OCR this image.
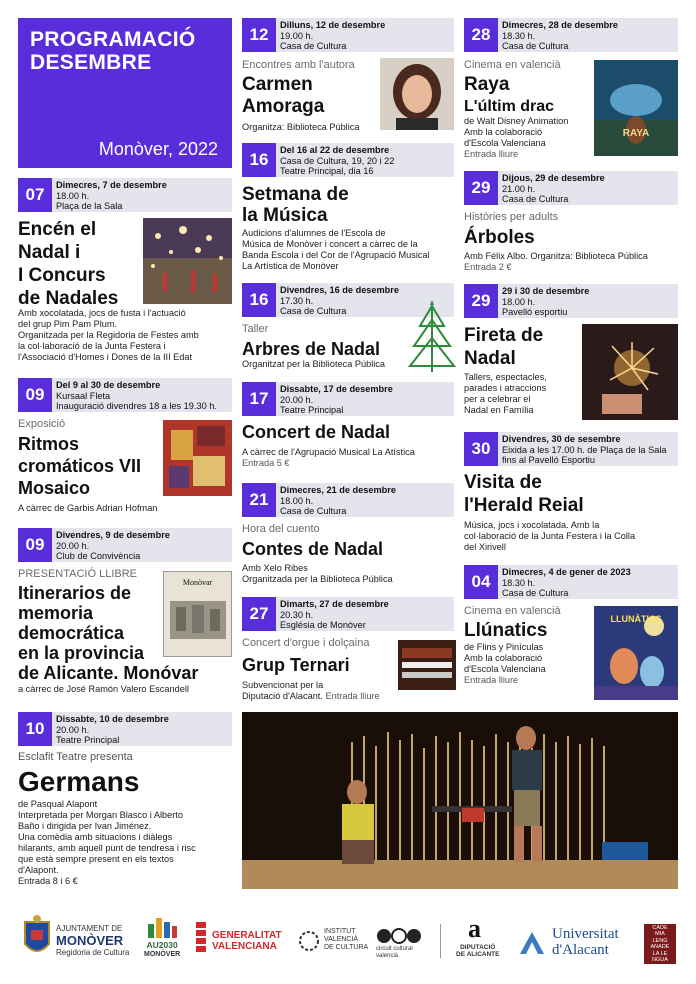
PROGRAMACIÓ
DESEMBRE
Monòver, 2022
07	Dimecres, 7 de desembre
18.00 h.
Plaça de la Sala
Encén el
Nadal i
I Concurs
de Nadales
Amb xocolatada, jocs de fusta i l'actuació
del grup Pim Pam Plum.
Organitzada per la Regidoria de Festes amb
la col·laboració de la Junta Festera i
l'Associació d'Homes i Dones de la III Edat
09	Del 9 al 30 de desembre
Kursaal Fleta
Inauguració divendres 18 a les 19.30 h.
Exposició
Ritmos
cromáticos VII
Mosaico
A càrrec de Garbis Adrian Hofman
09	Divendres, 9 de desembre
20.00 h.
Club de Convivència
PRESENTACIÓ LLIBRE
Itinerarios de
memoria
democrática
en la provincia
de Alicante. Monóvar
Monòvar
a càrrec de José Ramón Valero Escandell
10	Dissabte, 10 de desembre
20.00 h.
Teatre Principal
Esclafit Teatre presenta
Germans
de Pasqual Alapont
Interpretada per Morgan Blasco i Alberto
Baño i dirigida per Ivan Jiménez.
Una comèdia amb situacions i diàlegs
hilarants, amb aquell punt de tendresa i risc
que està sempre present en els textos
d'Alapont.
Entrada 8 i 6 €
12	Dilluns, 12 de desembre
19.00 h.
Casa de Cultura
Encontres amb l'autora
Carmen
Amoraga
Organitza: Biblioteca Pública
16	Del 16 al 22 de desembre
Casa de Cultura, 19, 20 i 22
Teatre Principal, dia 16
Setmana de
la Música
Audicions d'alumnes de l'Escola de
Música de Monòver i concert a càrrec de la
Banda Escola i del Cor de l'Agrupació Musical
La Artística de Monòver
16	Divendres, 16 de desembre
17.30 h.
Casa de Cultura
Taller
Arbres de Nadal
Organitzat per la Biblioteca Pública
17	Dissabte, 17 de desembre
20.00 h.
Teatre Principal
Concert de Nadal
A càrrec de l'Agrupació Musical La Atística
Entrada 5 €
21	Dimecres, 21 de desembre
18.00 h.
Casa de Cultura
Hora del cuento
Contes de Nadal
Amb Xelo Ribes
Organitzada per la Biblioteca Pública
27	Dimarts, 27 de desembre
20.30 h.
Església de Monòver
Concert d'orgue i dolçaina
Grup Ternari
Subvencionat per la
Diputació d'Alacant. Entrada lliure
28	Dimecres, 28 de desembre
18.30 h.
Casa de Cultura
Cinema en valencià
Raya
L'últim drac
RAYA
de Walt Disney Animation
Amb la colaboració
d'Escola Valenciana
Entrada lliure
29	Dijous, 29 de desembre
21.00 h.
Casa de Cultura
Històries per adults
Árboles
Amb Félix Albo. Organitza: Biblioteca Pública
Entrada 2 €
29	29 i 30 de desembre
18.00 h.
Pavelló esportiu
Fireta de
Nadal
Tallers, espectacles,
parades i atraccions
per a celebrar el
Nadal en Família
30	Divendres, 30 de sesembre
Eixida a les 17.00 h. de Plaça de la Sala
fins al Pavelló Esportiu
Visita de
l'Herald Reial
Música, jocs i xocolatada. Amb la
col·laboració de la Junta Festera i la Colla
del Xirivell
04	Dimecres, 4 de gener de 2023
18.30 h.
Casa de Cultura
Cinema en valencià
Llúnatics
LLUNÀTICS
de Flins y Pinículas
Amb la colaboració
d'Escola Valenciana
Entrada lliure
AJUNTAMENT DE
MONÒVER
Regidoria de Cultura
AU2030
MONÒVER
GENERALITAT
VALENCIANA
INSTITUT
VALENCIÀ
DE CULTURA circuit cultural
valencià
a
DIPUTACIÓ
DE ALICANTE
Universitat
d'Alacant
CADE
MIA
LENG
ANADE
LA LE
NGUA
